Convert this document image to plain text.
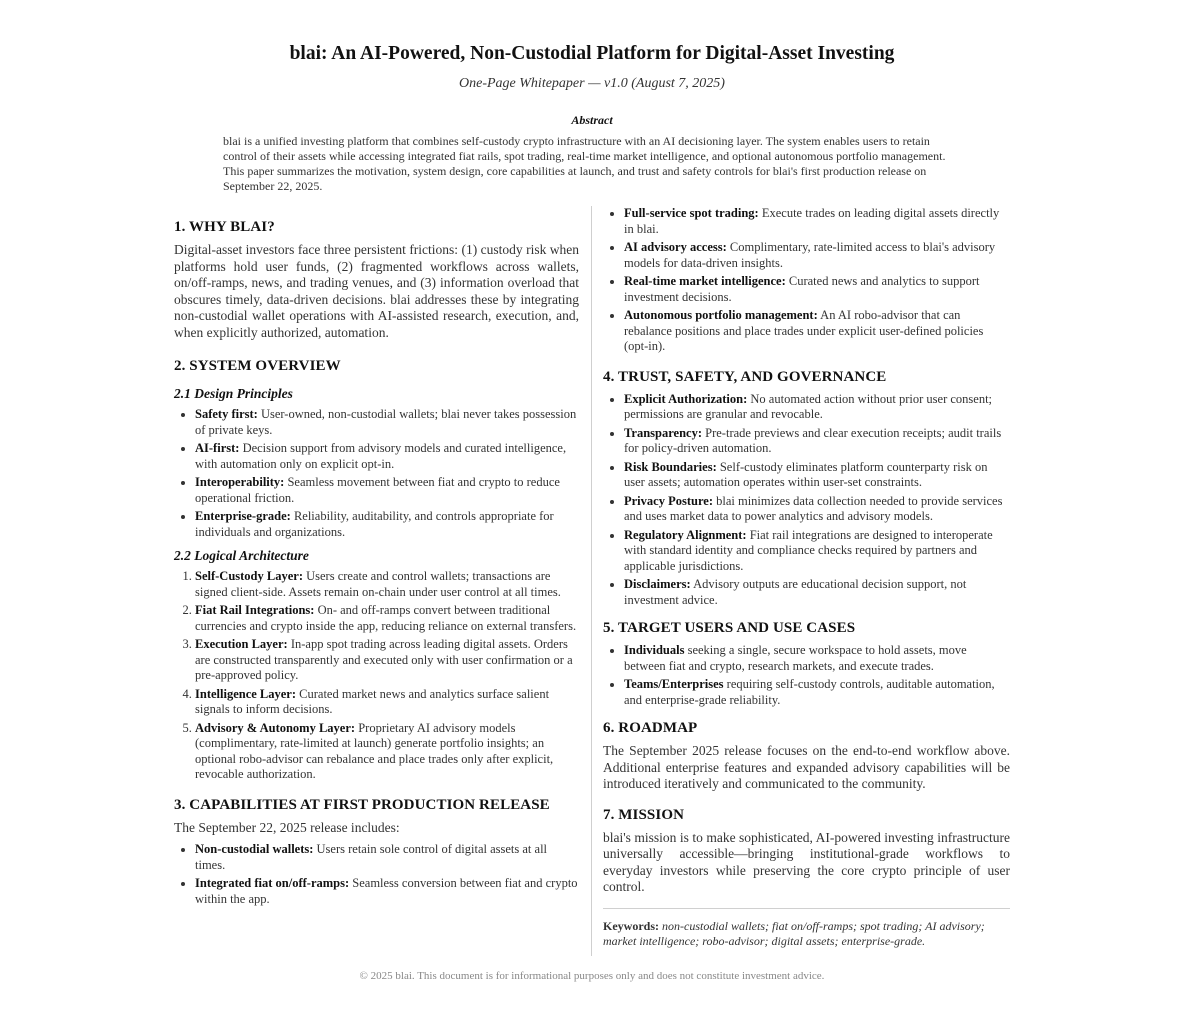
blai: An AI-Powered, Non-Custodial Platform for Digital-Asset Investing
One-Page Whitepaper — v1.0 (August 7, 2025)
Abstract
blai is a unified investing platform that combines self-custody crypto infrastructure with an AI decisioning layer. The system enables users to retain control of their assets while accessing integrated fiat rails, spot trading, real-time market intelligence, and optional autonomous portfolio management. This paper summarizes the motivation, system design, core capabilities at launch, and trust and safety controls for blai's first production release on September 22, 2025.
1. WHY BLAI?

Digital-asset investors face three persistent frictions: (1) custody risk when platforms hold user funds, (2) fragmented workflows across wallets, on/off-ramps, news, and trading venues, and (3) information overload that obscures timely, data-driven decisions. blai addresses these by integrating non-custodial wallet operations with AI-assisted research, execution, and, when explicitly authorized, automation.

2. SYSTEM OVERVIEW
2.1 Design Principles
• Safety first: User-owned, non-custodial wallets; blai never takes possession of private keys.
• AI-first: Decision support from advisory models and curated intelligence, with automation only on explicit opt-in.
• Interoperability: Seamless movement between fiat and crypto to reduce operational friction.
• Enterprise-grade: Reliability, auditability, and controls appropriate for individuals and organizations.
2.2 Logical Architecture
1. Self-Custody Layer: Users create and control wallets; transactions are signed client-side. Assets remain on-chain under user control at all times.
2. Fiat Rail Integrations: On- and off-ramps convert between traditional currencies and crypto inside the app, reducing reliance on external transfers.
3. Execution Layer: In-app spot trading across leading digital assets. Orders are constructed transparently and executed only with user confirmation or a pre-approved policy.
4. Intelligence Layer: Curated market news and analytics surface salient signals to inform decisions.
5. Advisory & Autonomy Layer: Proprietary AI advisory models (complimentary, rate-limited at launch) generate portfolio insights; an optional robo-advisor can rebalance and place trades only after explicit, revocable authorization.
3. CAPABILITIES AT FIRST PRODUCTION RELEASE

The September 22, 2025 release includes:

• Non-custodial wallets: Users retain sole control of digital assets at all times.
• Integrated fiat on/off-ramps: Seamless conversion between fiat and crypto within the app.
• Full-service spot trading: Execute trades on leading digital assets directly in blai.
• AI advisory access: Complimentary, rate-limited access to blai's advisory models for data-driven insights.
• Real-time market intelligence: Curated news and analytics to support investment decisions.
• Autonomous portfolio management: An AI robo-advisor that can rebalance positions and place trades under explicit user-defined policies (opt-in).
4. TRUST, SAFETY, AND GOVERNANCE
• Explicit Authorization: No automated action without prior user consent; permissions are granular and revocable.
• Transparency: Pre-trade previews and clear execution receipts; audit trails for policy-driven automation.
• Risk Boundaries: Self-custody eliminates platform counterparty risk on user assets; automation operates within user-set constraints.
• Privacy Posture: blai minimizes data collection needed to provide services and uses market data to power analytics and advisory models.
• Regulatory Alignment: Fiat rail integrations are designed to interoperate with standard identity and compliance checks required by partners and applicable jurisdictions.
• Disclaimers: Advisory outputs are educational decision support, not investment advice.
5. TARGET USERS AND USE CASES
• Individuals seeking a single, secure workspace to hold assets, move between fiat and crypto, research markets, and execute trades.
• Teams/Enterprises requiring self-custody controls, auditable automation, and enterprise-grade reliability.
6. ROADMAP

The September 2025 release focuses on the end-to-end workflow above. Additional enterprise features and expanded advisory capabilities will be introduced iteratively and communicated to the community.

7. MISSION

blai's mission is to make sophisticated, AI-powered investing infrastructure universally accessible—bringing institutional-grade workflows to everyday investors while preserving the core crypto principle of user control.

Keywords: non-custodial wallets; fiat on/off-ramps; spot trading; AI advisory; market intelligence; robo-advisor; digital assets; enterprise-grade.
© 2025 blai. This document is for informational purposes only and does not constitute investment advice.
